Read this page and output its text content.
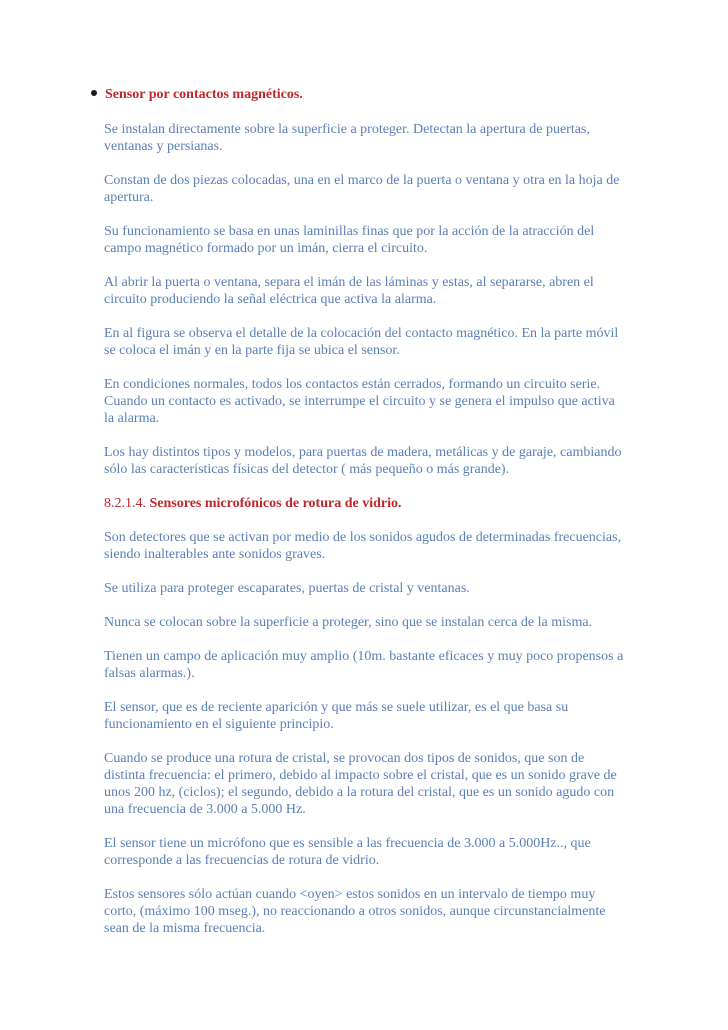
Sensor por contactos magnéticos.

Se instalan directamente sobre la superficie a proteger. Detectan la apertura de puertas, ventanas y persianas.

Constan de dos piezas colocadas, una en el marco de la puerta o ventana y otra en la hoja de apertura.

Su funcionamiento se basa en unas laminillas finas que por la acción de la atracción del campo magnético formado por un imán, cierra el circuito.

Al abrir la puerta o ventana, separa el imán de las láminas y estas, al separarse, abren el circuito produciendo la señal eléctrica que activa la alarma.

En al figura se observa el detalle de la colocación del contacto magnético. En la parte móvil se coloca el imán y en la parte fija se ubica el sensor.

En condiciones normales, todos los contactos están cerrados, formando un circuito serie. Cuando un contacto es activado, se interrumpe el circuito y se genera el impulso que activa la alarma.

Los hay distintos tipos y modelos, para puertas de madera, metálicas y de garaje, cambiando sólo las características físicas del detector ( más pequeño o más grande).

8.2.1.4. Sensores microfónicos de rotura de vidrio.

Son detectores que se activan por medio de los sonidos agudos de determinadas frecuencias, siendo inalterables ante sonidos graves.

Se utiliza para proteger escaparates, puertas de cristal y ventanas.

Nunca se colocan sobre la superficie a proteger, sino que se instalan cerca de la misma.

Tienen un campo de aplicación muy amplio (10m. bastante eficaces y muy poco propensos a falsas alarmas.).

El sensor, que es de reciente aparición y que más se suele utilizar, es el que basa su funcionamiento en el siguiente principio.

Cuando se produce una rotura de cristal, se provocan dos tipos de sonidos, que son de distinta frecuencia: el primero, debido al impacto sobre el cristal, que es un sonido grave de unos 200 hz, (ciclos); el segundo, debido a la rotura del cristal, que es un sonido agudo con una frecuencia de 3.000 a 5.000 Hz.

El sensor tiene un micrófono que es sensible a las frecuencia de 3.000 a 5.000Hz.., que corresponde a las frecuencias de rotura de vidrio.

Estos sensores sólo actúan cuando <oyen> estos sonidos en un intervalo de tiempo muy corto, (máximo 100 mseg.), no reaccionando a otros sonidos, aunque circunstancialmente sean de la misma frecuencia.
